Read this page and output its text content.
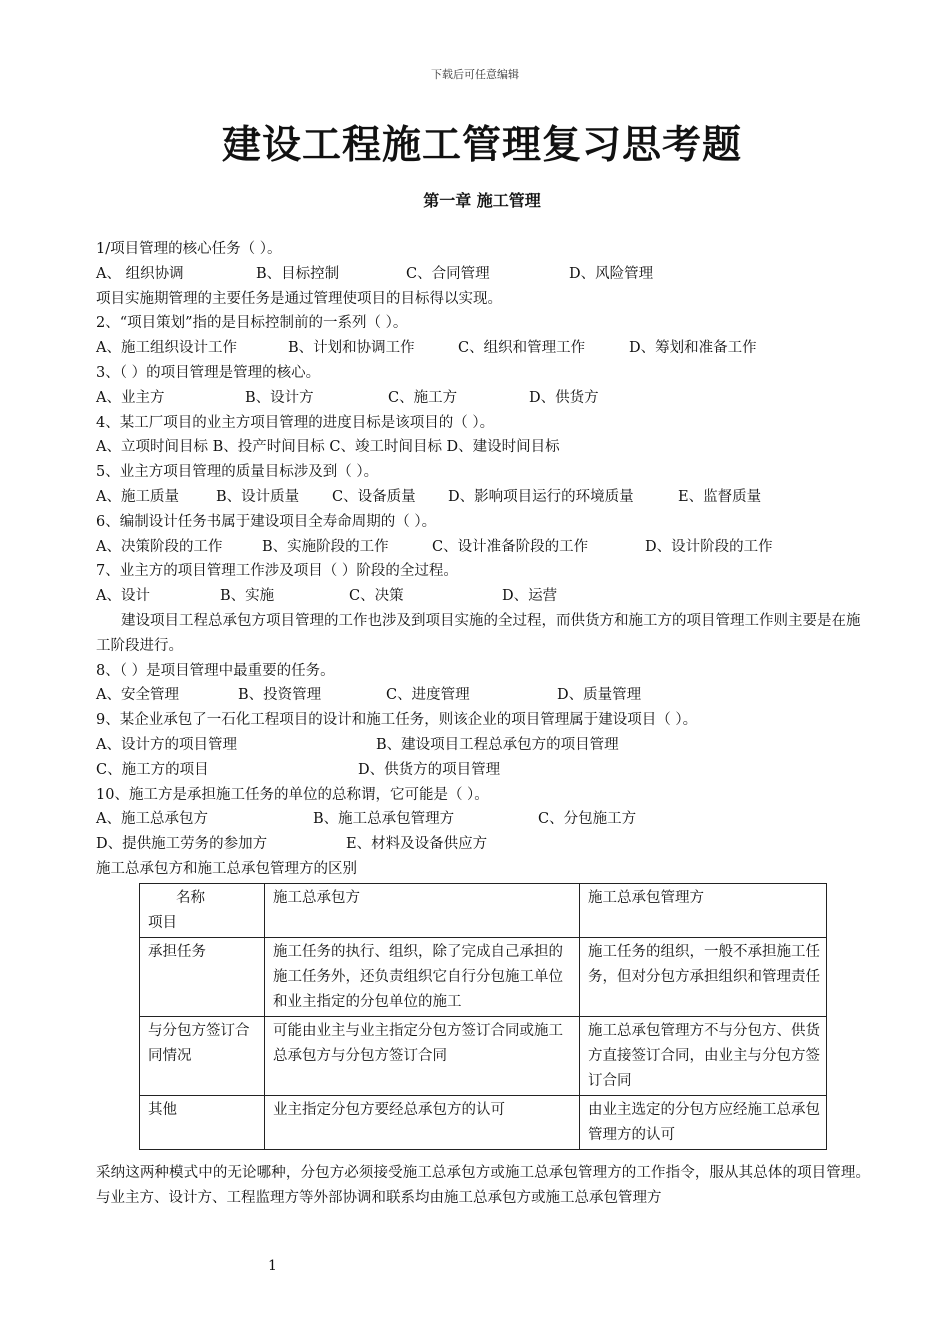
下载后可任意编辑
建设工程施工管理复习思考题
第一章 施工管理
1/项目管理的核心任务（ ）。
A、 组织协调	B、目标控制	C、合同管理	D、风险管理
项目实施期管理的主要任务是通过管理使项目的目标得以实现。
2、“项目策划”指的是目标控制前的一系列（ ）。
A、施工组织设计工作	B、计划和协调工作	C、组织和管理工作	D、筹划和准备工作
3、（ ）的项目管理是管理的核心。
A、业主方	B、设计方	C、施工方	D、供货方
4、某工厂项目的业主方项目管理的进度目标是该项目的（ ）。
A、立项时间目标 B、投产时间目标 C、竣工时间目标 D、建设时间目标
5、业主方项目管理的质量目标涉及到（ ）。
A、施工质量	B、设计质量 C、设备质量 D、影响项目运行的环境质量	E、监督质量
6、编制设计任务书属于建设项目全寿命周期的（ ）。
A、决策阶段的工作	B、实施阶段的工作	C、设计准备阶段的工作	D、设计阶段的工作
7、业主方的项目管理工作涉及项目（ ）阶段的全过程。
A、设计	B、实施	C、决策	D、运营
建设项目工程总承包方项目管理的工作也涉及到项目实施的全过程，而供货方和施工方的项目管理工作则主要是在施工阶段进行。
8、（ ）是项目管理中最重要的任务。
A、安全管理	B、投资管理	C、进度管理	D、质量管理
9、某企业承包了一石化工程项目的设计和施工任务，则该企业的项目管理属于建设项目（ ）。
A、设计方的项目管理	B、建设项目工程总承包方的项目管理
C、施工方的项目	D、供货方的项目管理
10、施工方是承担施工任务的单位的总称谓，它可能是（ ）。
A、施工总承包方	B、施工总承包管理方	C、分包施工方
D、提供施工劳务的参加方	E、材料及设备供应方
施工总承包方和施工总承包管理方的区别
名称
项目	施工总承包方	施工总承包管理方
承担任务	施工任务的执行、组织，除了完成自己承担的施工任务外，还负责组织它自行分包施工单位和业主指定的分包单位的施工	施工任务的组织，一般不承担施工任务，但对分包方承担组织和管理责任
与分包方签订合同情况	可能由业主与业主指定分包方签订合同或施工总承包方与分包方签订合同	施工总承包管理方不与分包方、供货方直接签订合同，由业主与分包方签订合同
其他	业主指定分包方要经总承包方的认可	由业主选定的分包方应经施工总承包管理方的认可
采纳这两种模式中的无论哪种，分包方必须接受施工总承包方或施工总承包管理方的工作指令，服从其总体的项目管理。与业主方、设计方、工程监理方等外部协调和联系均由施工总承包方或施工总承包管理方
1
